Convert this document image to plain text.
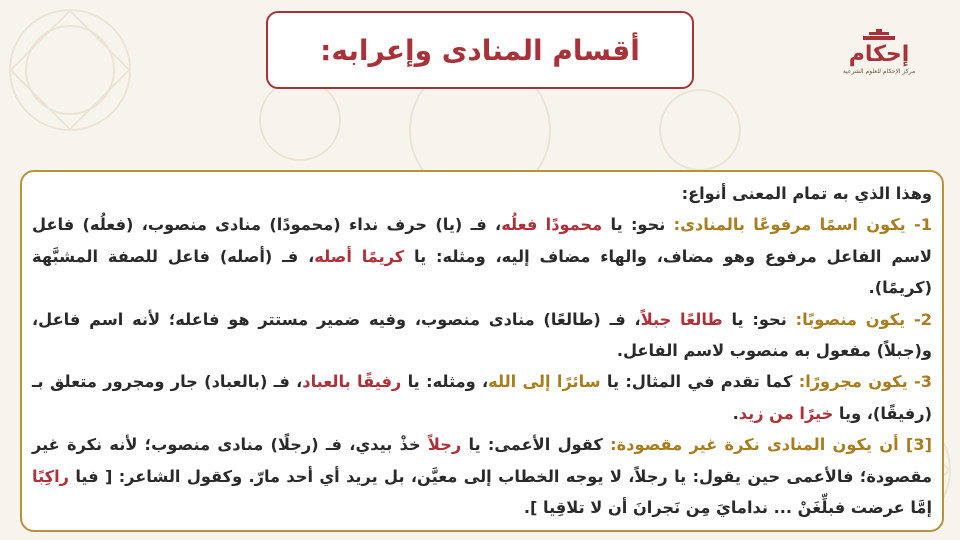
إحكام
مركز الإحكام للعلوم الشرعية
أقسام المنادى وإعرابه:

وهذا الذي به تمام المعنى أنواع:

1- يكون اسمًا مرفوعًا بالمنادى: نحو: يا محمودًا فعلُه، فـ (يا) حرف نداء (محمودًا) منادى منصوب، (فعلُه) فاعل لاسم الفاعل مرفوع وهو مضاف، والهاء مضاف إليه، ومثله: يا كريمًا أصله، فـ (أصله) فاعل للصفة المشبَّهة (كريمًا).

2- يكون منصوبًا: نحو: يا طالعًا جبلاً، فـ (طالعًا) منادى منصوب، وفيه ضمير مستتر هو فاعله؛ لأنه اسم فاعل، و(جبلاً) مفعول به منصوب لاسم الفاعل.

3- يكون مجرورًا: كما تقدم في المثال: يا سائرًا إلى الله، ومثله: يا رفيقًا بالعباد، فـ (بالعباد) جار ومجرور متعلق بـ (رفيقًا)، ويا خيرًا من زيد.

[3] أن يكون المنادى نكرة غير مقصودة: كقول الأعمى: يا رجلاً خذْ بيدي، فـ (رجلًا) منادى منصوب؛ لأنه نكرة غير مقصودة؛ فالأعمى حين يقول: يا رجلاً، لا يوجه الخطاب إلى معيَّن، بل يريد أي أحد مارّ. وكقول الشاعر: [ فيا راكِبًا إمَّا عرضت فبلِّغَنْ ... ندامايَ مِن نَجرانَ أن لا تلاقِيا ].
